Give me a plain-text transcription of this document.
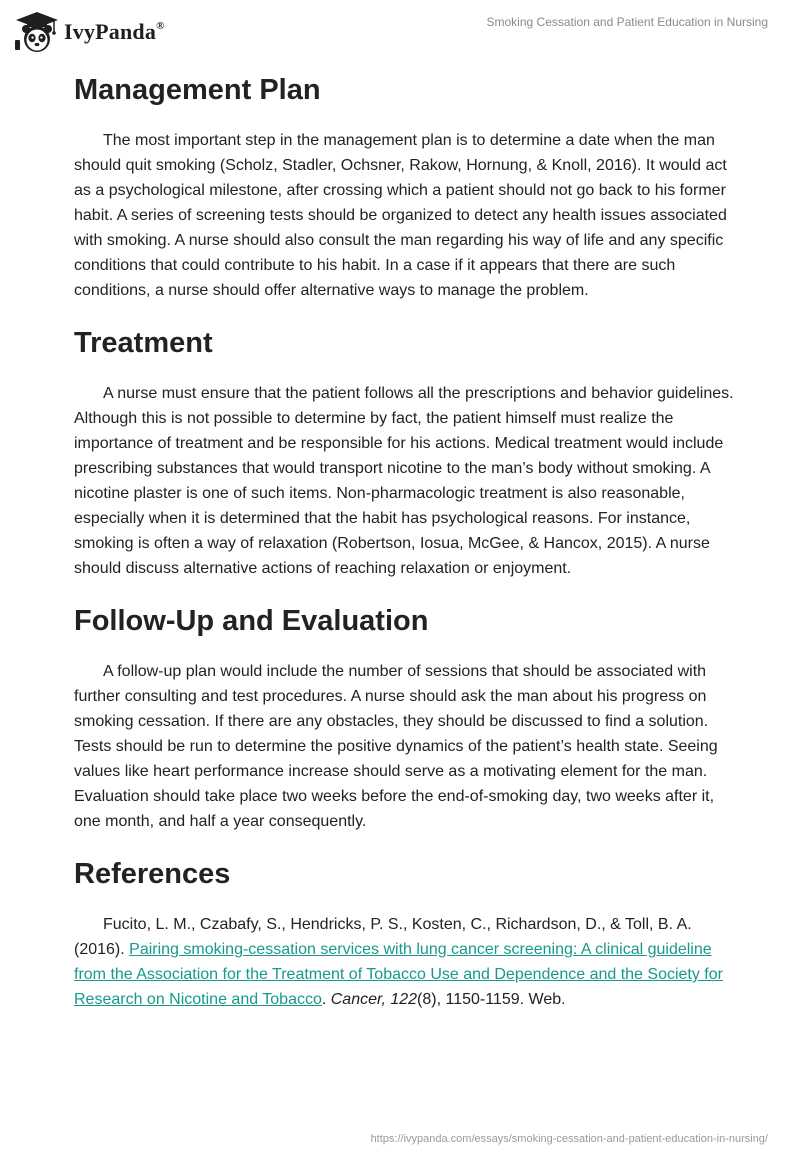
IvyPanda®	Smoking Cessation and Patient Education in Nursing
Management Plan

The most important step in the management plan is to determine a date when the man should quit smoking (Scholz, Stadler, Ochsner, Rakow, Hornung, & Knoll, 2016). It would act as a psychological milestone, after crossing which a patient should not go back to his former habit. A series of screening tests should be organized to detect any health issues associated with smoking. A nurse should also consult the man regarding his way of life and any specific conditions that could contribute to his habit. In a case if it appears that there are such conditions, a nurse should offer alternative ways to manage the problem.

Treatment

A nurse must ensure that the patient follows all the prescriptions and behavior guidelines. Although this is not possible to determine by fact, the patient himself must realize the importance of treatment and be responsible for his actions. Medical treatment would include prescribing substances that would transport nicotine to the man’s body without smoking. A nicotine plaster is one of such items. Non-pharmacologic treatment is also reasonable, especially when it is determined that the habit has psychological reasons. For instance, smoking is often a way of relaxation (Robertson, Iosua, McGee, & Hancox, 2015). A nurse should discuss alternative actions of reaching relaxation or enjoyment.

Follow-Up and Evaluation

A follow-up plan would include the number of sessions that should be associated with further consulting and test procedures. A nurse should ask the man about his progress on smoking cessation. If there are any obstacles, they should be discussed to find a solution. Tests should be run to determine the positive dynamics of the patient’s health state. Seeing values like heart performance increase should serve as a motivating element for the man. Evaluation should take place two weeks before the end-of-smoking day, two weeks after it, one month, and half a year consequently.

References

Fucito, L. M., Czabafy, S., Hendricks, P. S., Kosten, C., Richardson, D., & Toll, B. A. (2016). Pairing smoking-cessation services with lung cancer screening: A clinical guideline from the Association for the Treatment of Tobacco Use and Dependence and the Society for Research on Nicotine and Tobacco. Cancer, 122(8), 1150-1159. Web.

https://ivypanda.com/essays/smoking-cessation-and-patient-education-in-nursing/
